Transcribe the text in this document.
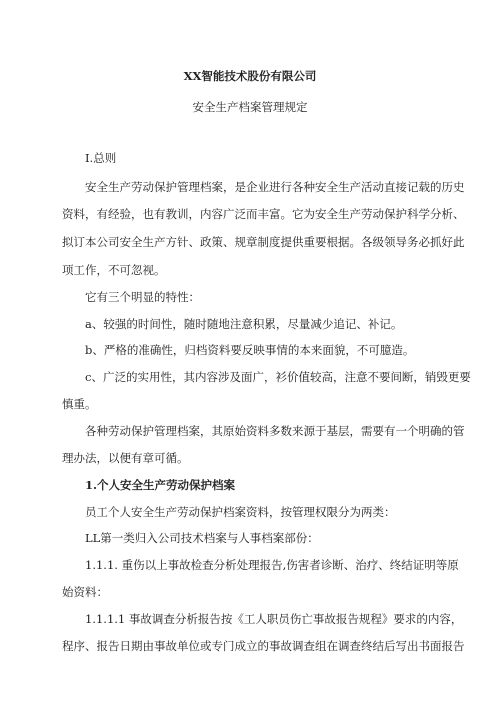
XX智能技术股份有限公司
安全生产档案管理规定
I.总则
安全生产劳动保护管理档案，是企业进行各种安全生产活动直接记载的历史
资料，有经验，也有教训，内容广泛而丰富。它为安全生产劳动保护科学分析、
拟订本公司安全生产方针、政策、规章制度提供重要根据。各级领导务必抓好此
项工作，不可忽视。
它有三个明显的特性：
a、较强的时间性，随时随地注意积累，尽量减少追记、补记。
b、严格的准确性，归档资料要反映事情的本来面貌，不可臆造。
c、广泛的实用性，其内容涉及面广，衫价值较高，注意不要间断，销毁更要
慎重。
各种劳动保护管理档案，其原始资料多数来源于基层，需要有一个明确的管
理办法，以便有章可循。
1.个人安全生产劳动保护档案
员工个人安全生产劳动保护档案资料，按管理权限分为两类：
LL第一类归入公司技术档案与人事档案部份：
1.1.1. 重伤以上事故检查分析处理报告,伤害者诊断、治疗、终结证明等原
始资料：
1.1.1.1 事故调查分析报告按《工人职员伤亡事故报告规程》要求的内容，
程序、报告日期由事故单位或专门成立的事故调查组在调查终结后写出书面报告
